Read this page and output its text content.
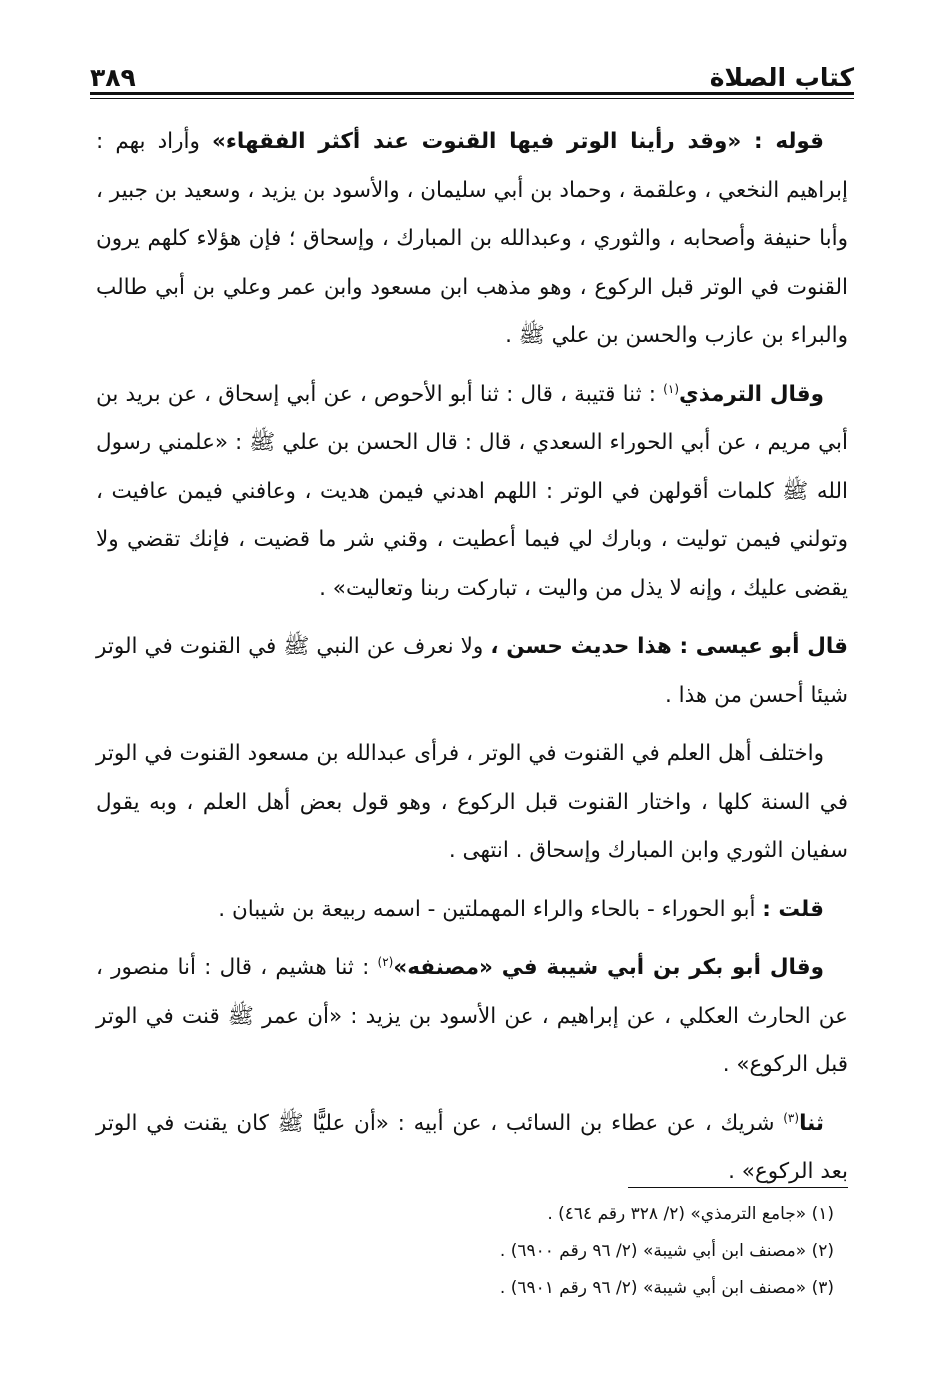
كتاب الصلاة
٣٨٩

قوله : «وقد رأينا الوتر فيها القنوت عند أكثر الفقهاء» وأراد بهم : إبراهيم النخعي ، وعلقمة ، وحماد بن أبي سليمان ، والأسود بن يزيد ، وسعيد بن جبير ، وأبا حنيفة وأصحابه ، والثوري ، وعبدالله بن المبارك ، وإسحاق ؛ فإن هؤلاء كلهم يرون القنوت في الوتر قبل الركوع ، وهو مذهب ابن مسعود وابن عمر وعلي بن أبي طالب والبراء بن عازب والحسن بن علي ﷺ .

وقال الترمذي$^{(١)}$ : ثنا قتيبة ، قال : ثنا أبو الأحوص ، عن أبي إسحاق ، عن بريد بن أبي مريم ، عن أبي الحوراء السعدي ، قال : قال الحسن بن علي ﷺ : «علمني رسول الله ﷺ كلمات أقولهن في الوتر : اللهم اهدني فيمن هديت ، وعافني فيمن عافيت ، وتولني فيمن توليت ، وبارك لي فيما أعطيت ، وقني شر ما قضيت ، فإنك تقضي ولا يقضى عليك ، وإنه لا يذل من واليت ، تباركت ربنا وتعاليت» .

قال أبو عيسى : هذا حديث حسن ، ولا نعرف عن النبي ﷺ في القنوت في الوتر شيئا أحسن من هذا .

واختلف أهل العلم في القنوت في الوتر ، فرأى عبدالله بن مسعود القنوت في الوتر في السنة كلها ، واختار القنوت قبل الركوع ، وهو قول بعض أهل العلم ، وبه يقول سفيان الثوري وابن المبارك وإسحاق . انتهى .

قلت : أبو الحوراء - بالحاء والراء المهملتين - اسمه ربيعة بن شيبان .

وقال أبو بكر بن أبي شيبة في «مصنفه»$^{(٢)}$ : ثنا هشيم ، قال : أنا منصور ، عن الحارث العكلي ، عن إبراهيم ، عن الأسود بن يزيد : «أن عمر ﷺ قنت في الوتر قبل الركوع» .

ثنا$^{(٣)}$ شريك ، عن عطاء بن السائب ، عن أبيه : «أن عليًّا ﷺ كان يقنت في الوتر بعد الركوع» .

(١) «جامع الترمذي» (٢/ ٣٢٨ رقم ٤٦٤) .
(٢) «مصنف ابن أبي شيبة» (٢/ ٩٦ رقم ٦٩٠٠) .
(٣) «مصنف ابن أبي شيبة» (٢/ ٩٦ رقم ٦٩٠١) .
